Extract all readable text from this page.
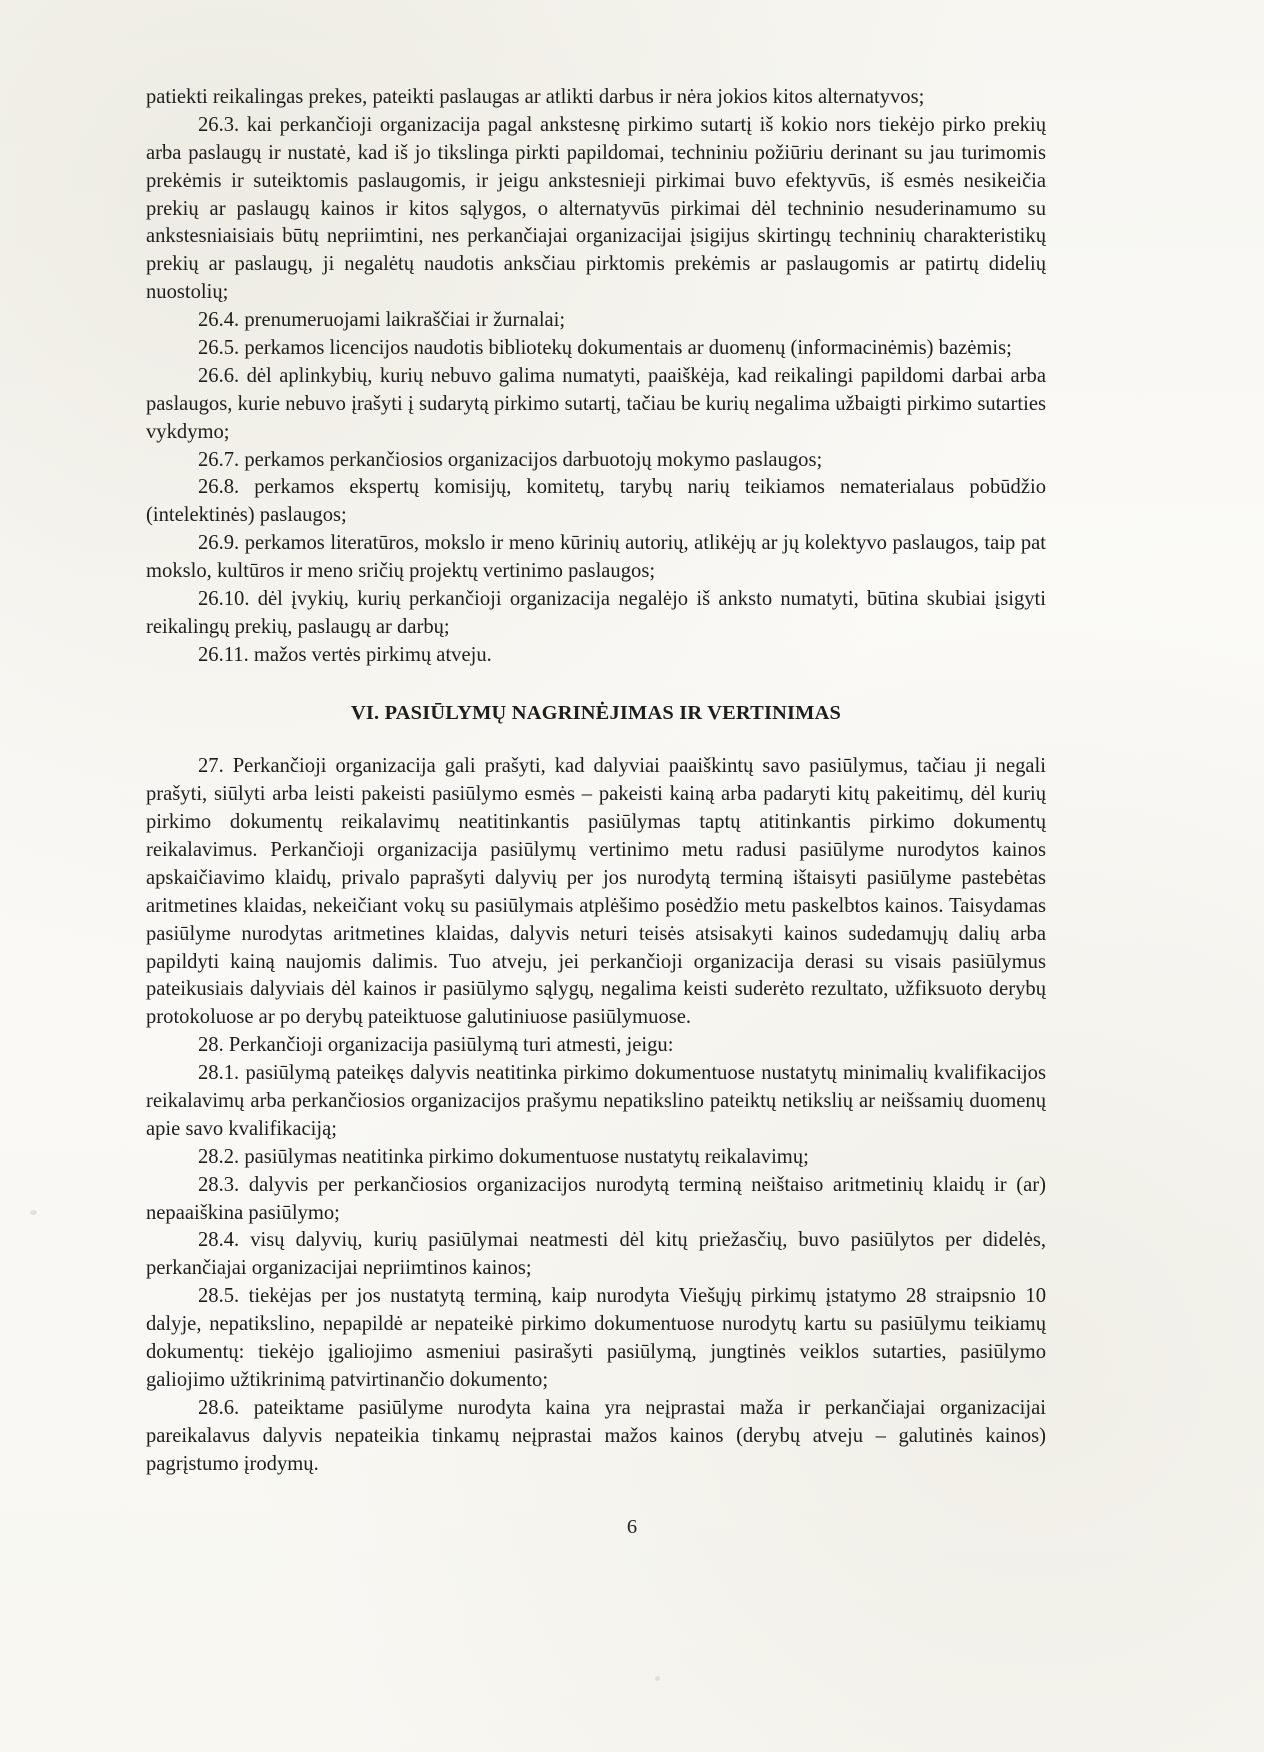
patiekti reikalingas prekes, pateikti paslaugas ar atlikti darbus ir nėra jokios kitos alternatyvos;

26.3. kai perkančioji organizacija pagal ankstesnę pirkimo sutartį iš kokio nors tiekėjo pirko prekių arba paslaugų ir nustatė, kad iš jo tikslinga pirkti papildomai, techniniu požiūriu derinant su jau turimomis prekėmis ir suteiktomis paslaugomis, ir jeigu ankstesnieji pirkimai buvo efektyvūs, iš esmės nesikeičia prekių ar paslaugų kainos ir kitos sąlygos, o alternatyvūs pirkimai dėl techninio nesuderinamumo su ankstesniaisiais būtų nepriimtini, nes perkančiajai organizacijai įsigijus skirtingų techninių charakteristikų prekių ar paslaugų, ji negalėtų naudotis anksčiau pirktomis prekėmis ar paslaugomis ar patirtų didelių nuostolių;

26.4. prenumeruojami laikraščiai ir žurnalai;

26.5. perkamos licencijos naudotis bibliotekų dokumentais ar duomenų (informacinėmis) bazėmis;

26.6. dėl aplinkybių, kurių nebuvo galima numatyti, paaiškėja, kad reikalingi papildomi darbai arba paslaugos, kurie nebuvo įrašyti į sudarytą pirkimo sutartį, tačiau be kurių negalima užbaigti pirkimo sutarties vykdymo;

26.7. perkamos perkančiosios organizacijos darbuotojų mokymo paslaugos;

26.8. perkamos ekspertų komisijų, komitetų, tarybų narių teikiamos nematerialaus pobūdžio (intelektinės) paslaugos;

26.9. perkamos literatūros, mokslo ir meno kūrinių autorių, atlikėjų ar jų kolektyvo paslaugos, taip pat mokslo, kultūros ir meno sričių projektų vertinimo paslaugos;

26.10. dėl įvykių, kurių perkančioji organizacija negalėjo iš anksto numatyti, būtina skubiai įsigyti reikalingų prekių, paslaugų ar darbų;

26.11. mažos vertės pirkimų atveju.

VI. PASIŪLYMŲ NAGRINĖJIMAS IR VERTINIMAS

27. Perkančioji organizacija gali prašyti, kad dalyviai paaiškintų savo pasiūlymus, tačiau ji negali prašyti, siūlyti arba leisti pakeisti pasiūlymo esmės – pakeisti kainą arba padaryti kitų pakeitimų, dėl kurių pirkimo dokumentų reikalavimų neatitinkantis pasiūlymas taptų atitinkantis pirkimo dokumentų reikalavimus. Perkančioji organizacija pasiūlymų vertinimo metu radusi pasiūlyme nurodytos kainos apskaičiavimo klaidų, privalo paprašyti dalyvių per jos nurodytą terminą ištaisyti pasiūlyme pastebėtas aritmetines klaidas, nekeičiant vokų su pasiūlymais atplėšimo posėdžio metu paskelbtos kainos. Taisydamas pasiūlyme nurodytas aritmetines klaidas, dalyvis neturi teisės atsisakyti kainos sudedamųjų dalių arba papildyti kainą naujomis dalimis. Tuo atveju, jei perkančioji organizacija derasi su visais pasiūlymus pateikusiais dalyviais dėl kainos ir pasiūlymo sąlygų, negalima keisti suderėto rezultato, užfiksuoto derybų protokoluose ar po derybų pateiktuose galutiniuose pasiūlymuose.

28. Perkančioji organizacija pasiūlymą turi atmesti, jeigu:

28.1. pasiūlymą pateikęs dalyvis neatitinka pirkimo dokumentuose nustatytų minimalių kvalifikacijos reikalavimų arba perkančiosios organizacijos prašymu nepatikslino pateiktų netikslių ar neišsamių duomenų apie savo kvalifikaciją;

28.2. pasiūlymas neatitinka pirkimo dokumentuose nustatytų reikalavimų;

28.3. dalyvis per perkančiosios organizacijos nurodytą terminą neištaiso aritmetinių klaidų ir (ar) nepaaiškina pasiūlymo;

28.4. visų dalyvių, kurių pasiūlymai neatmesti dėl kitų priežasčių, buvo pasiūlytos per didelės, perkančiajai organizacijai nepriimtinos kainos;

28.5. tiekėjas per jos nustatytą terminą, kaip nurodyta Viešųjų pirkimų įstatymo 28 straipsnio 10 dalyje, nepatikslino, nepapildė ar nepateikė pirkimo dokumentuose nurodytų kartu su pasiūlymu teikiamų dokumentų: tiekėjo įgaliojimo asmeniui pasirašyti pasiūlymą, jungtinės veiklos sutarties, pasiūlymo galiojimo užtikrinimą patvirtinančio dokumento;

28.6. pateiktame pasiūlyme nurodyta kaina yra neįprastai maža ir perkančiajai organizacijai pareikalavus dalyvis nepateikia tinkamų neįprastai mažos kainos (derybų atveju – galutinės kainos) pagrįstumo įrodymų.

6
